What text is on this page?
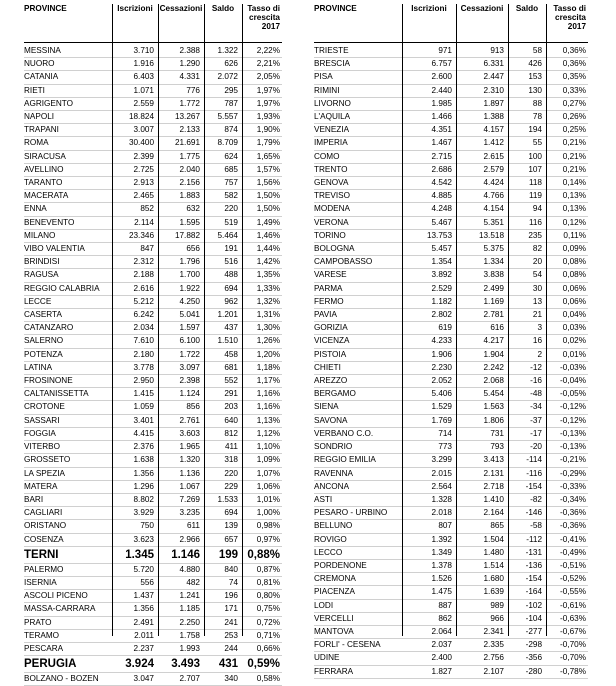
PROVINCE	Iscrizioni	Cessazioni	Saldo	Tasso di crescita 2017
MESSINA	3.710	2.388	1.322	2,22%
NUORO	1.916	1.290	626	2,21%
CATANIA	6.403	4.331	2.072	2,05%
RIETI	1.071	776	295	1,97%
AGRIGENTO	2.559	1.772	787	1,97%
NAPOLI	18.824	13.267	5.557	1,93%
TRAPANI	3.007	2.133	874	1,90%
ROMA	30.400	21.691	8.709	1,79%
SIRACUSA	2.399	1.775	624	1,65%
AVELLINO	2.725	2.040	685	1,57%
TARANTO	2.913	2.156	757	1,56%
MACERATA	2.465	1.883	582	1,50%
ENNA	852	632	220	1,50%
BENEVENTO	2.114	1.595	519	1,49%
MILANO	23.346	17.882	5.464	1,46%
VIBO VALENTIA	847	656	191	1,44%
BRINDISI	2.312	1.796	516	1,42%
RAGUSA	2.188	1.700	488	1,35%
REGGIO CALABRIA	2.616	1.922	694	1,33%
LECCE	5.212	4.250	962	1,32%
CASERTA	6.242	5.041	1.201	1,31%
CATANZARO	2.034	1.597	437	1,30%
SALERNO	7.610	6.100	1.510	1,26%
POTENZA	2.180	1.722	458	1,20%
LATINA	3.778	3.097	681	1,18%
FROSINONE	2.950	2.398	552	1,17%
CALTANISSETTA	1.415	1.124	291	1,16%
CROTONE	1.059	856	203	1,16%
SASSARI	3.401	2.761	640	1,13%
FOGGIA	4.415	3.603	812	1,12%
VITERBO	2.376	1.965	411	1,10%
GROSSETO	1.638	1.320	318	1,09%
LA SPEZIA	1.356	1.136	220	1,07%
MATERA	1.296	1.067	229	1,06%
BARI	8.802	7.269	1.533	1,01%
CAGLIARI	3.929	3.235	694	1,00%
ORISTANO	750	611	139	0,98%
COSENZA	3.623	2.966	657	0,97%
TERNI	1.345	1.146	199	0,88%
PALERMO	5.720	4.880	840	0,87%
ISERNIA	556	482	74	0,81%
ASCOLI PICENO	1.437	1.241	196	0,80%
MASSA-CARRARA	1.356	1.185	171	0,75%
PRATO	2.491	2.250	241	0,72%
TERAMO	2.011	1.758	253	0,71%
PESCARA	2.237	1.993	244	0,66%
PERUGIA	3.924	3.493	431	0,59%
BOLZANO - BOZEN	3.047	2.707	340	0,58%
PROVINCE	Iscrizioni	Cessazioni	Saldo	Tasso di crescita 2017
TRIESTE	971	913	58	0,36%
BRESCIA	6.757	6.331	426	0,36%
PISA	2.600	2.447	153	0,35%
RIMINI	2.440	2.310	130	0,33%
LIVORNO	1.985	1.897	88	0,27%
L'AQUILA	1.466	1.388	78	0,26%
VENEZIA	4.351	4.157	194	0,25%
IMPERIA	1.467	1.412	55	0,21%
COMO	2.715	2.615	100	0,21%
TRENTO	2.686	2.579	107	0,21%
GENOVA	4.542	4.424	118	0,14%
TREVISO	4.885	4.766	119	0,13%
MODENA	4.248	4.154	94	0,13%
VERONA	5.467	5.351	116	0,12%
TORINO	13.753	13.518	235	0,11%
BOLOGNA	5.457	5.375	82	0,09%
CAMPOBASSO	1.354	1.334	20	0,08%
VARESE	3.892	3.838	54	0,08%
PARMA	2.529	2.499	30	0,06%
FERMO	1.182	1.169	13	0,06%
PAVIA	2.802	2.781	21	0,04%
GORIZIA	619	616	3	0,03%
VICENZA	4.233	4.217	16	0,02%
PISTOIA	1.906	1.904	2	0,01%
CHIETI	2.230	2.242	-12	-0,03%
AREZZO	2.052	2.068	-16	-0,04%
BERGAMO	5.406	5.454	-48	-0,05%
SIENA	1.529	1.563	-34	-0,12%
SAVONA	1.769	1.806	-37	-0,12%
VERBANO C.O.	714	731	-17	-0,13%
SONDRIO	773	793	-20	-0,13%
REGGIO EMILIA	3.299	3.413	-114	-0,21%
RAVENNA	2.015	2.131	-116	-0,29%
ANCONA	2.564	2.718	-154	-0,33%
ASTI	1.328	1.410	-82	-0,34%
PESARO - URBINO	2.018	2.164	-146	-0,36%
BELLUNO	807	865	-58	-0,36%
ROVIGO	1.392	1.504	-112	-0,41%
LECCO	1.349	1.480	-131	-0,49%
PORDENONE	1.378	1.514	-136	-0,51%
CREMONA	1.526	1.680	-154	-0,52%
PIACENZA	1.475	1.639	-164	-0,55%
LODI	887	989	-102	-0,61%
VERCELLI	862	966	-104	-0,63%
MANTOVA	2.064	2.341	-277	-0,67%
FORLI' - CESENA	2.037	2.335	-298	-0,70%
UDINE	2.400	2.756	-356	-0,70%
FERRARA	1.827	2.107	-280	-0,78%
